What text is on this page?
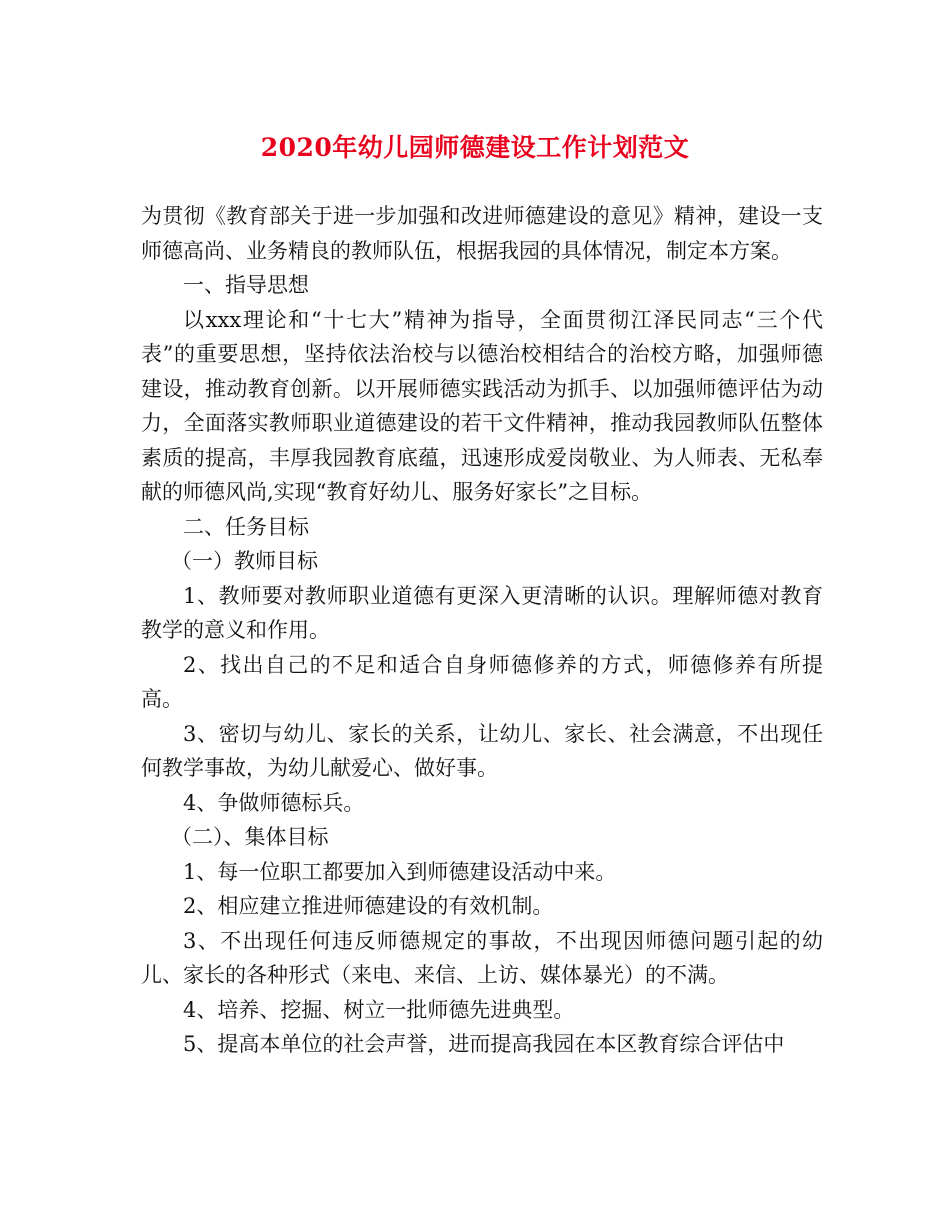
2020年幼儿园师德建设工作计划范文

为贯彻《教育部关于进一步加强和改进师德建设的意见》精神，建设一支师德高尚、业务精良的教师队伍，根据我园的具体情况，制定本方案。

一、指导思想

以xxx理论和“十七大”精神为指导，全面贯彻江泽民同志“三个代表”的重要思想，坚持依法治校与以德治校相结合的治校方略，加强师德建设，推动教育创新。以开展师德实践活动为抓手、以加强师德评估为动力，全面落实教师职业道德建设的若干文件精神，推动我园教师队伍整体素质的提高，丰厚我园教育底蕴，迅速形成爱岗敬业、为人师表、无私奉献的师德风尚,实现“教育好幼儿、服务好家长”之目标。

二、任务目标

（一）教师目标

1、教师要对教师职业道德有更深入更清晰的认识。理解师德对教育教学的意义和作用。

2、找出自己的不足和适合自身师德修养的方式，师德修养有所提高。

3、密切与幼儿、家长的关系，让幼儿、家长、社会满意，不出现任何教学事故，为幼儿献爱心、做好事。

4、争做师德标兵。

（二）、集体目标

1、每一位职工都要加入到师德建设活动中来。

2、相应建立推进师德建设的有效机制。

3、不出现任何违反师德规定的事故，不出现因师德问题引起的幼儿、家长的各种形式（来电、来信、上访、媒体暴光）的不满。

4、培养、挖掘、树立一批师德先进典型。

5、提高本单位的社会声誉，进而提高我园在本区教育综合评估中
